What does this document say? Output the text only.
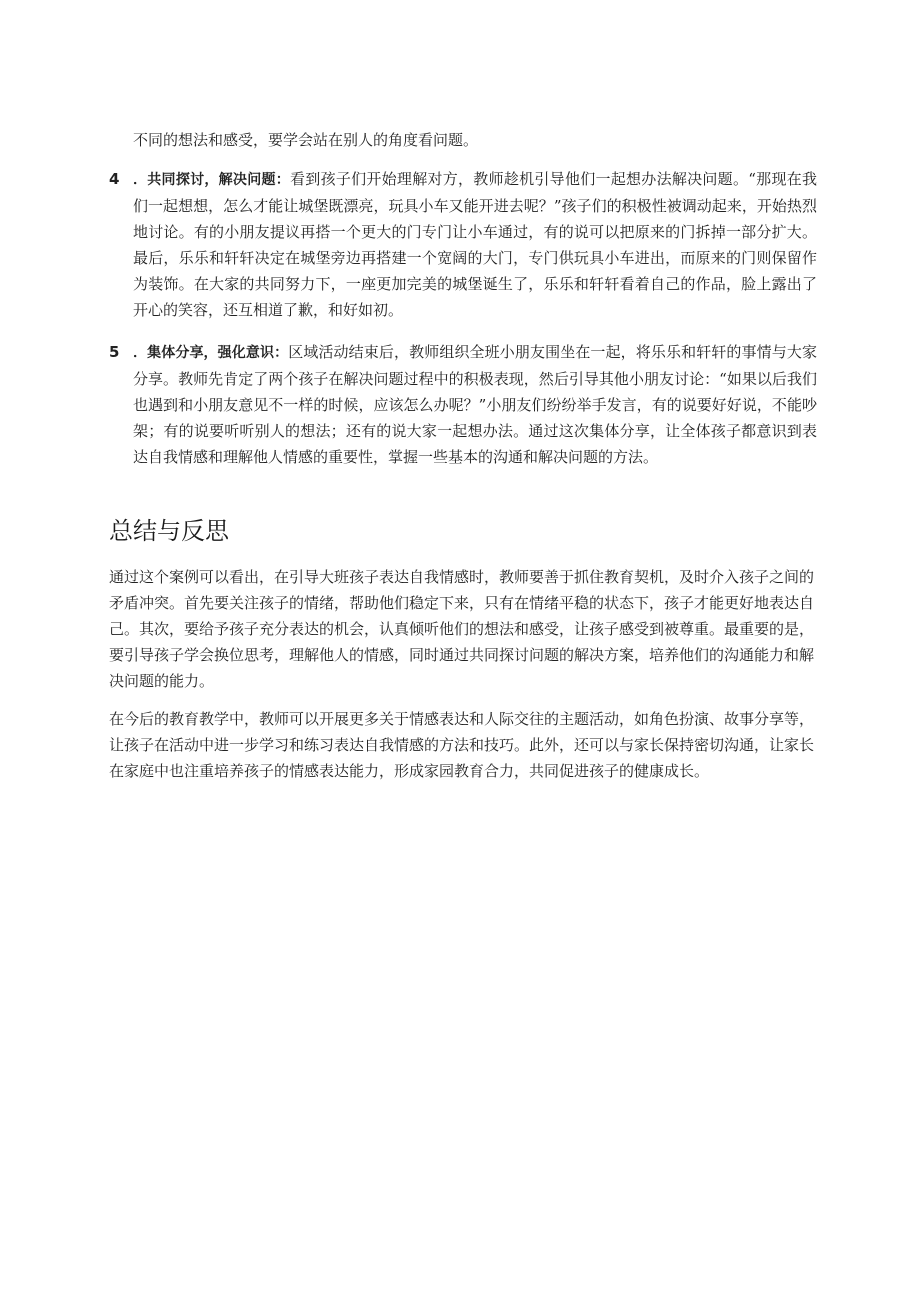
不同的想法和感受，要学会站在别人的角度看问题。

4 ．共同探讨，解决问题：看到孩子们开始理解对方，教师趁机引导他们一起想办法解决问题。“那现在我们一起想想，怎么才能让城堡既漂亮，玩具小车又能开进去呢？”孩子们的积极性被调动起来，开始热烈地讨论。有的小朋友提议再搭一个更大的门专门让小车通过，有的说可以把原来的门拆掉一部分扩大。最后，乐乐和轩轩决定在城堡旁边再搭建一个宽阔的大门，专门供玩具小车进出，而原来的门则保留作为装饰。在大家的共同努力下，一座更加完美的城堡诞生了，乐乐和轩轩看着自己的作品，脸上露出了开心的笑容，还互相道了歉，和好如初。
5 ．集体分享，强化意识：区域活动结束后，教师组织全班小朋友围坐在一起，将乐乐和轩轩的事情与大家分享。教师先肯定了两个孩子在解决问题过程中的积极表现，然后引导其他小朋友讨论：“如果以后我们也遇到和小朋友意见不一样的时候，应该怎么办呢？”小朋友们纷纷举手发言，有的说要好好说，不能吵架；有的说要听听别人的想法；还有的说大家一起想办法。通过这次集体分享，让全体孩子都意识到表达自我情感和理解他人情感的重要性，掌握一些基本的沟通和解决问题的方法。
总结与反思

通过这个案例可以看出，在引导大班孩子表达自我情感时，教师要善于抓住教育契机，及时介入孩子之间的矛盾冲突。首先要关注孩子的情绪，帮助他们稳定下来，只有在情绪平稳的状态下，孩子才能更好地表达自己。其次，要给予孩子充分表达的机会，认真倾听他们的想法和感受，让孩子感受到被尊重。最重要的是，要引导孩子学会换位思考，理解他人的情感，同时通过共同探讨问题的解决方案，培养他们的沟通能力和解决问题的能力。

在今后的教育教学中，教师可以开展更多关于情感表达和人际交往的主题活动，如角色扮演、故事分享等，让孩子在活动中进一步学习和练习表达自我情感的方法和技巧。此外，还可以与家长保持密切沟通，让家长在家庭中也注重培养孩子的情感表达能力，形成家园教育合力，共同促进孩子的健康成长。
